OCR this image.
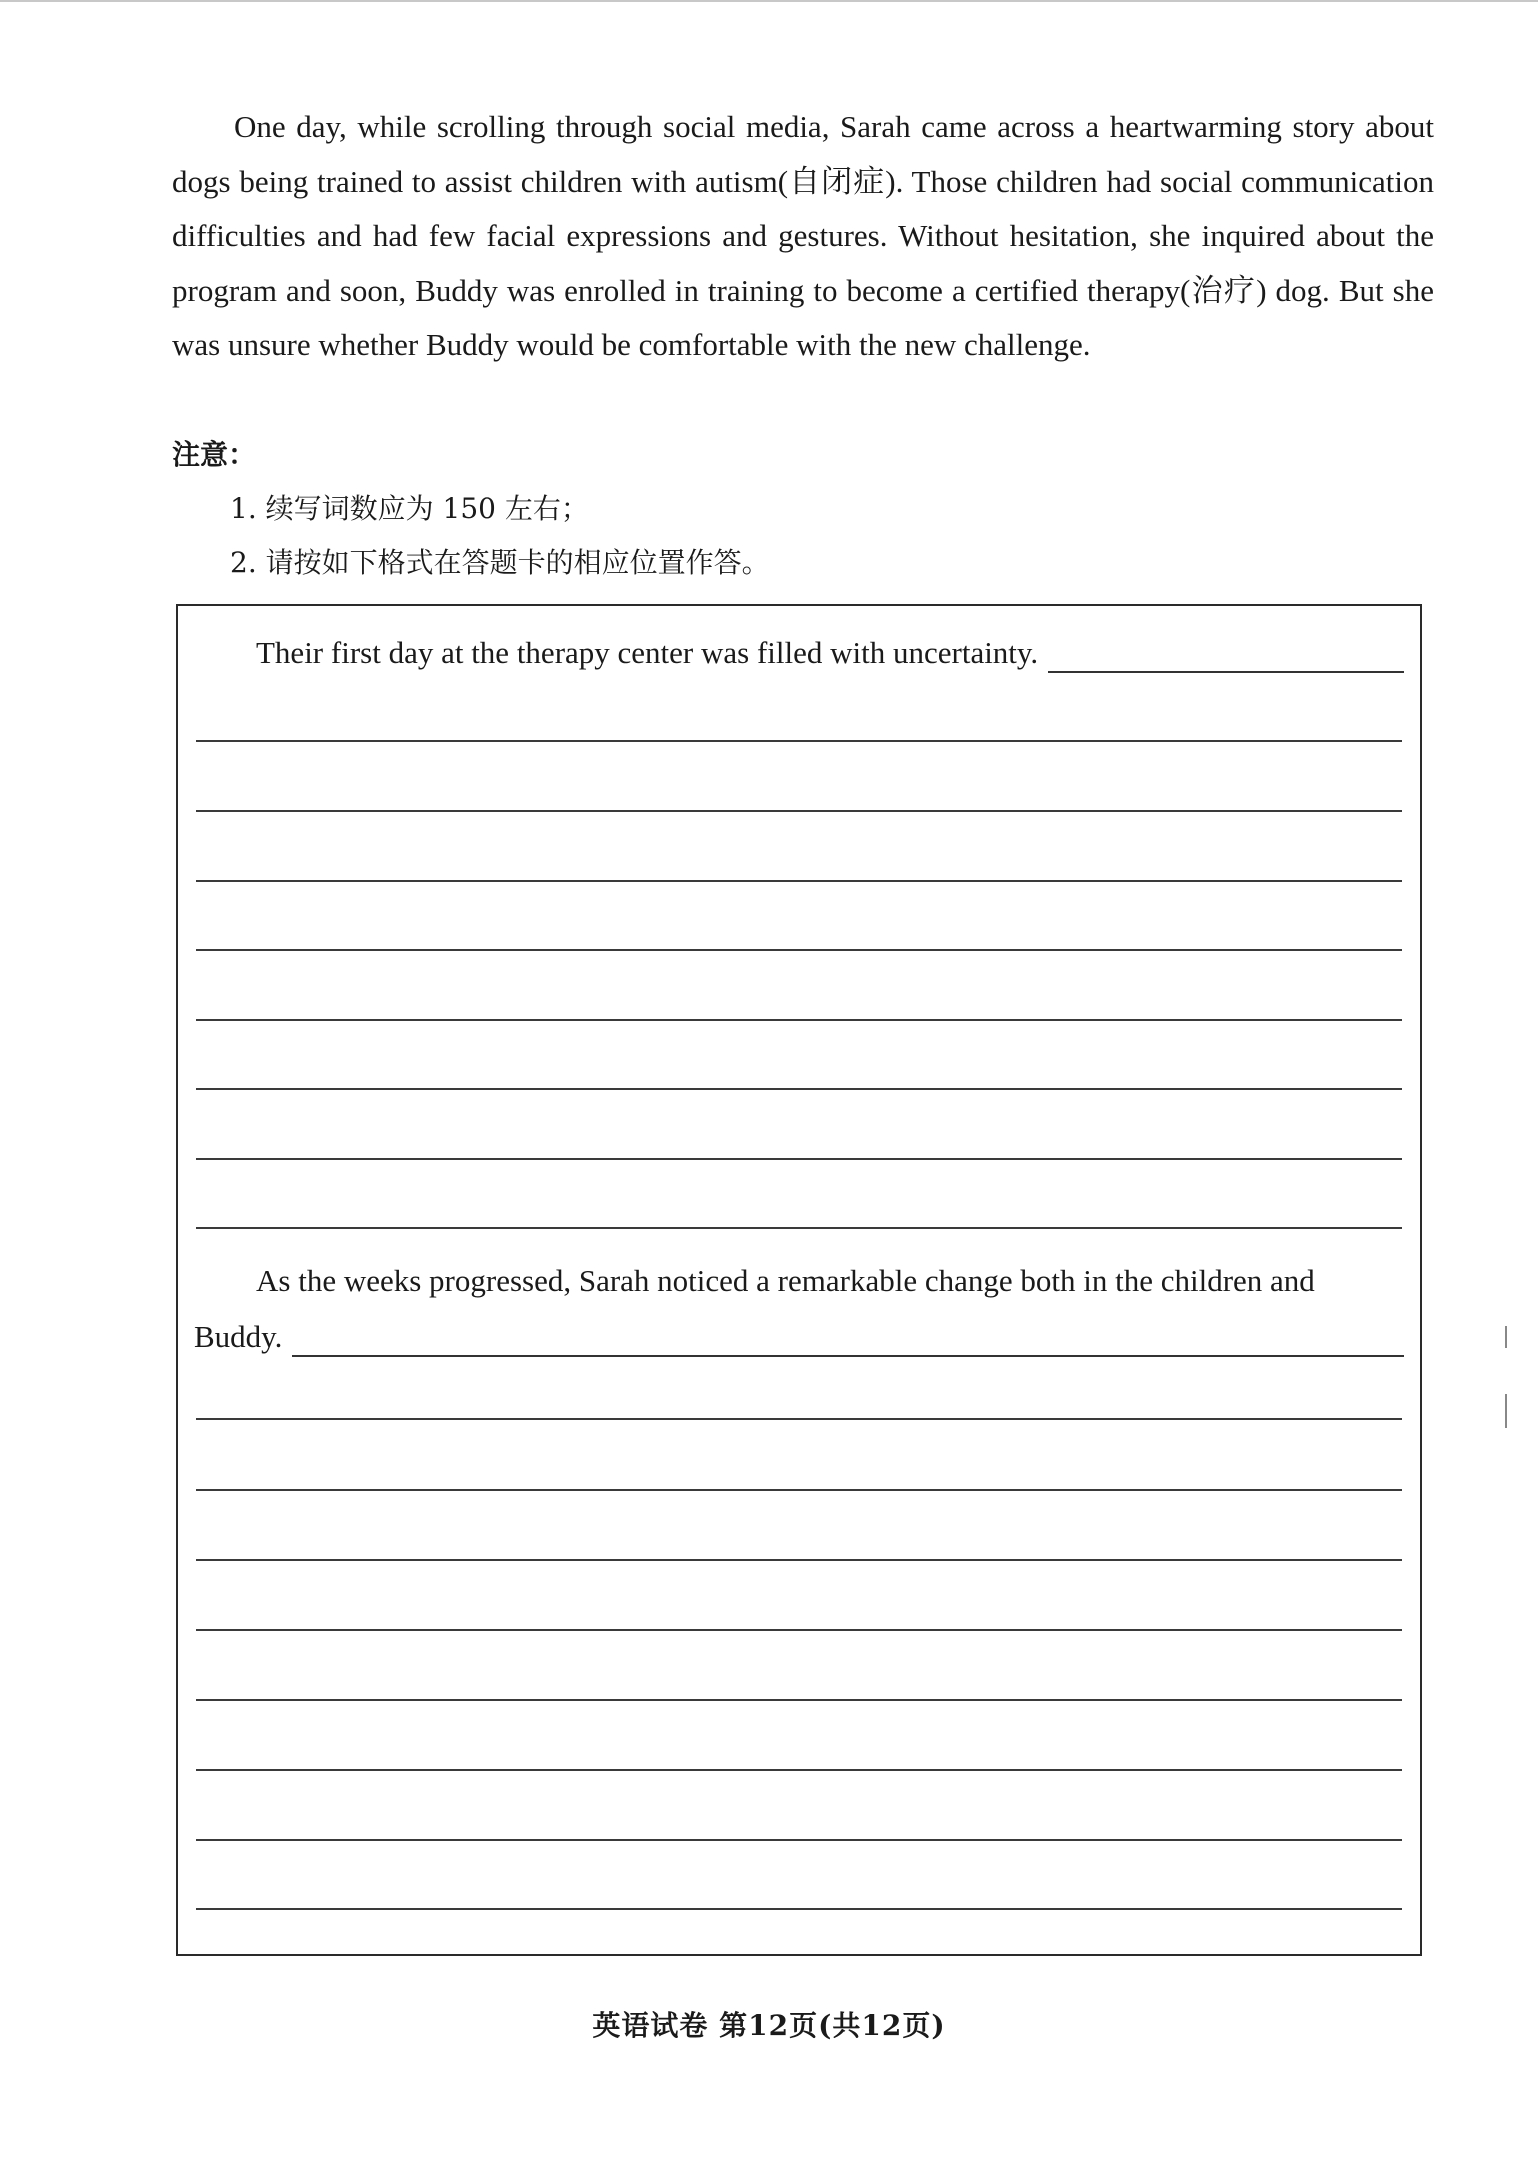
One day, while scrolling through social media, Sarah came across a heartwarming story about dogs being trained to assist children with autism(自闭症). Those children had social communication difficulties and had few facial expressions and gestures. Without hesitation, she inquired about the program and soon, Buddy was enrolled in training to become a certified therapy(治疗) dog. But she was unsure whether Buddy would be comfortable with the new challenge.

注意：
1. 续写词数应为 150 左右；
2. 请按如下格式在答题卡的相应位置作答。
Their first day at the therapy center was filled with uncertainty.
As the weeks progressed, Sarah noticed a remarkable change both in the children and
Buddy.
英语试卷 第12页(共12页)
